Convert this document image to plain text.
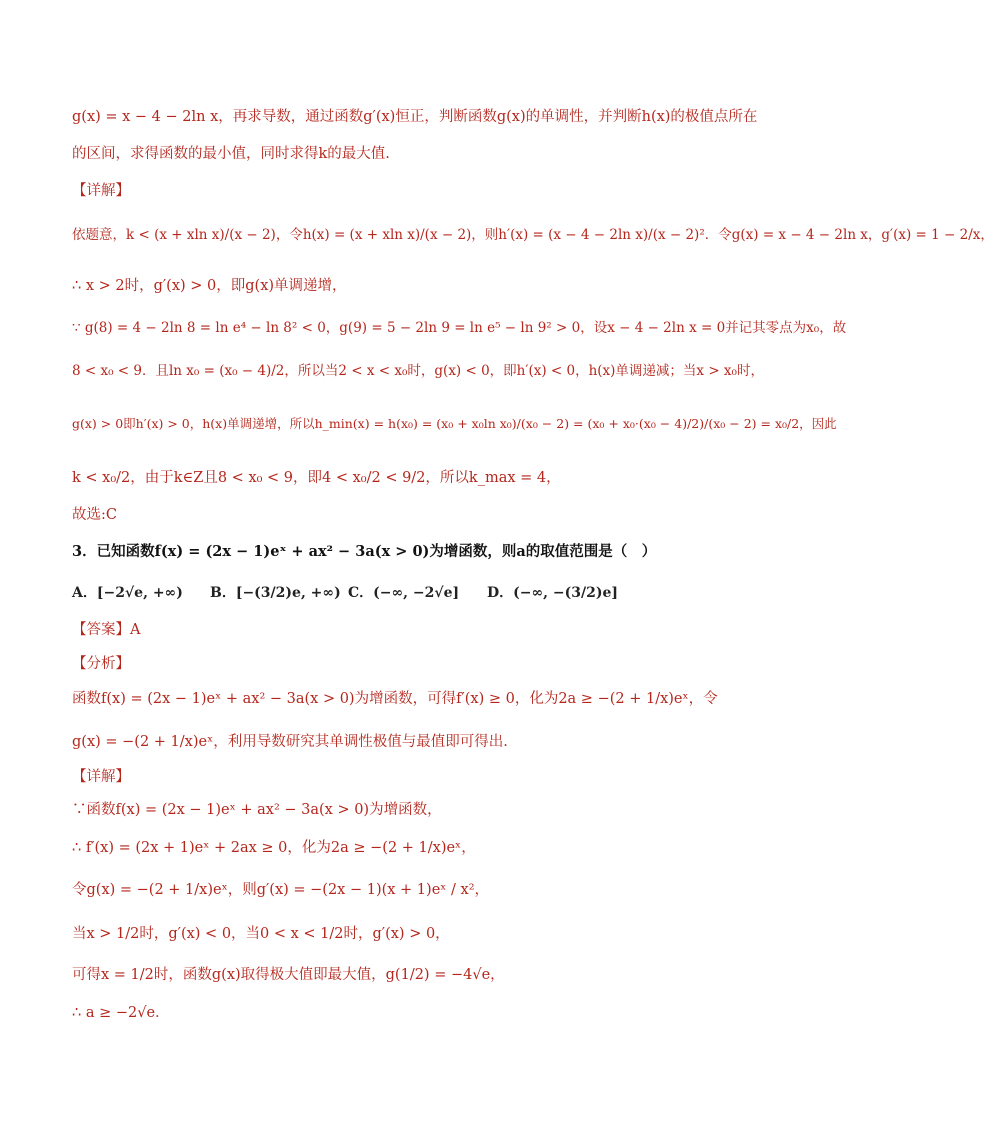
g(x) = x − 4 − 2ln x，再求导数，通过函数g′(x)恒正，判断函数g(x)的单调性，并判断h(x)的极值点所在
的区间，求得函数的最小值，同时求得k的最大值.
【详解】
依题意，k < (x + xln x)/(x − 2)，令h(x) = (x + xln x)/(x − 2)，则h′(x) = (x − 4 − 2ln x)/(x − 2)²．令g(x) = x − 4 − 2ln x，g′(x) = 1 − 2/x，
∴ x > 2时，g′(x) > 0，即g(x)单调递增，
∵ g(8) = 4 − 2ln 8 = ln e⁴ − ln 8² < 0，g(9) = 5 − 2ln 9 = ln e⁵ − ln 9² > 0，设x − 4 − 2ln x = 0并记其零点为x₀，故
8 < x₀ < 9．且ln x₀ = (x₀ − 4)/2，所以当2 < x < x₀时，g(x) < 0，即h′(x) < 0，h(x)单调递减；当x > x₀时，
g(x) > 0即h′(x) > 0，h(x)单调递增，所以h_min(x) = h(x₀) = (x₀ + x₀ln x₀)/(x₀ − 2) = (x₀ + x₀·(x₀ − 4)/2)/(x₀ − 2) = x₀/2，因此
k < x₀/2，由于k∈Z且8 < x₀ < 9，即4 < x₀/2 < 9/2，所以k_max = 4，
故选:C
3．已知函数f(x) = (2x − 1)eˣ + ax² − 3a(x > 0)为增函数，则a的取值范围是（　）
A．[−2√e, +∞) B．[−(3/2)e, +∞) C．(−∞, −2√e] D．(−∞, −(3/2)e]
【答案】A
【分析】
函数f(x) = (2x − 1)eˣ + ax² − 3a(x > 0)为增函数，可得f′(x) ≥ 0，化为2a ≥ −(2 + 1/x)eˣ，令
g(x) = −(2 + 1/x)eˣ，利用导数研究其单调性极值与最值即可得出.
【详解】
∵函数f(x) = (2x − 1)eˣ + ax² − 3a(x > 0)为增函数，
∴ f′(x) = (2x + 1)eˣ + 2ax ≥ 0，化为2a ≥ −(2 + 1/x)eˣ，
令g(x) = −(2 + 1/x)eˣ，则g′(x) = −(2x − 1)(x + 1)eˣ / x²，
当x > 1/2时，g′(x) < 0，当0 < x < 1/2时，g′(x) > 0，
可得x = 1/2时，函数g(x)取得极大值即最大值，g(1/2) = −4√e，
∴ a ≥ −2√e．
